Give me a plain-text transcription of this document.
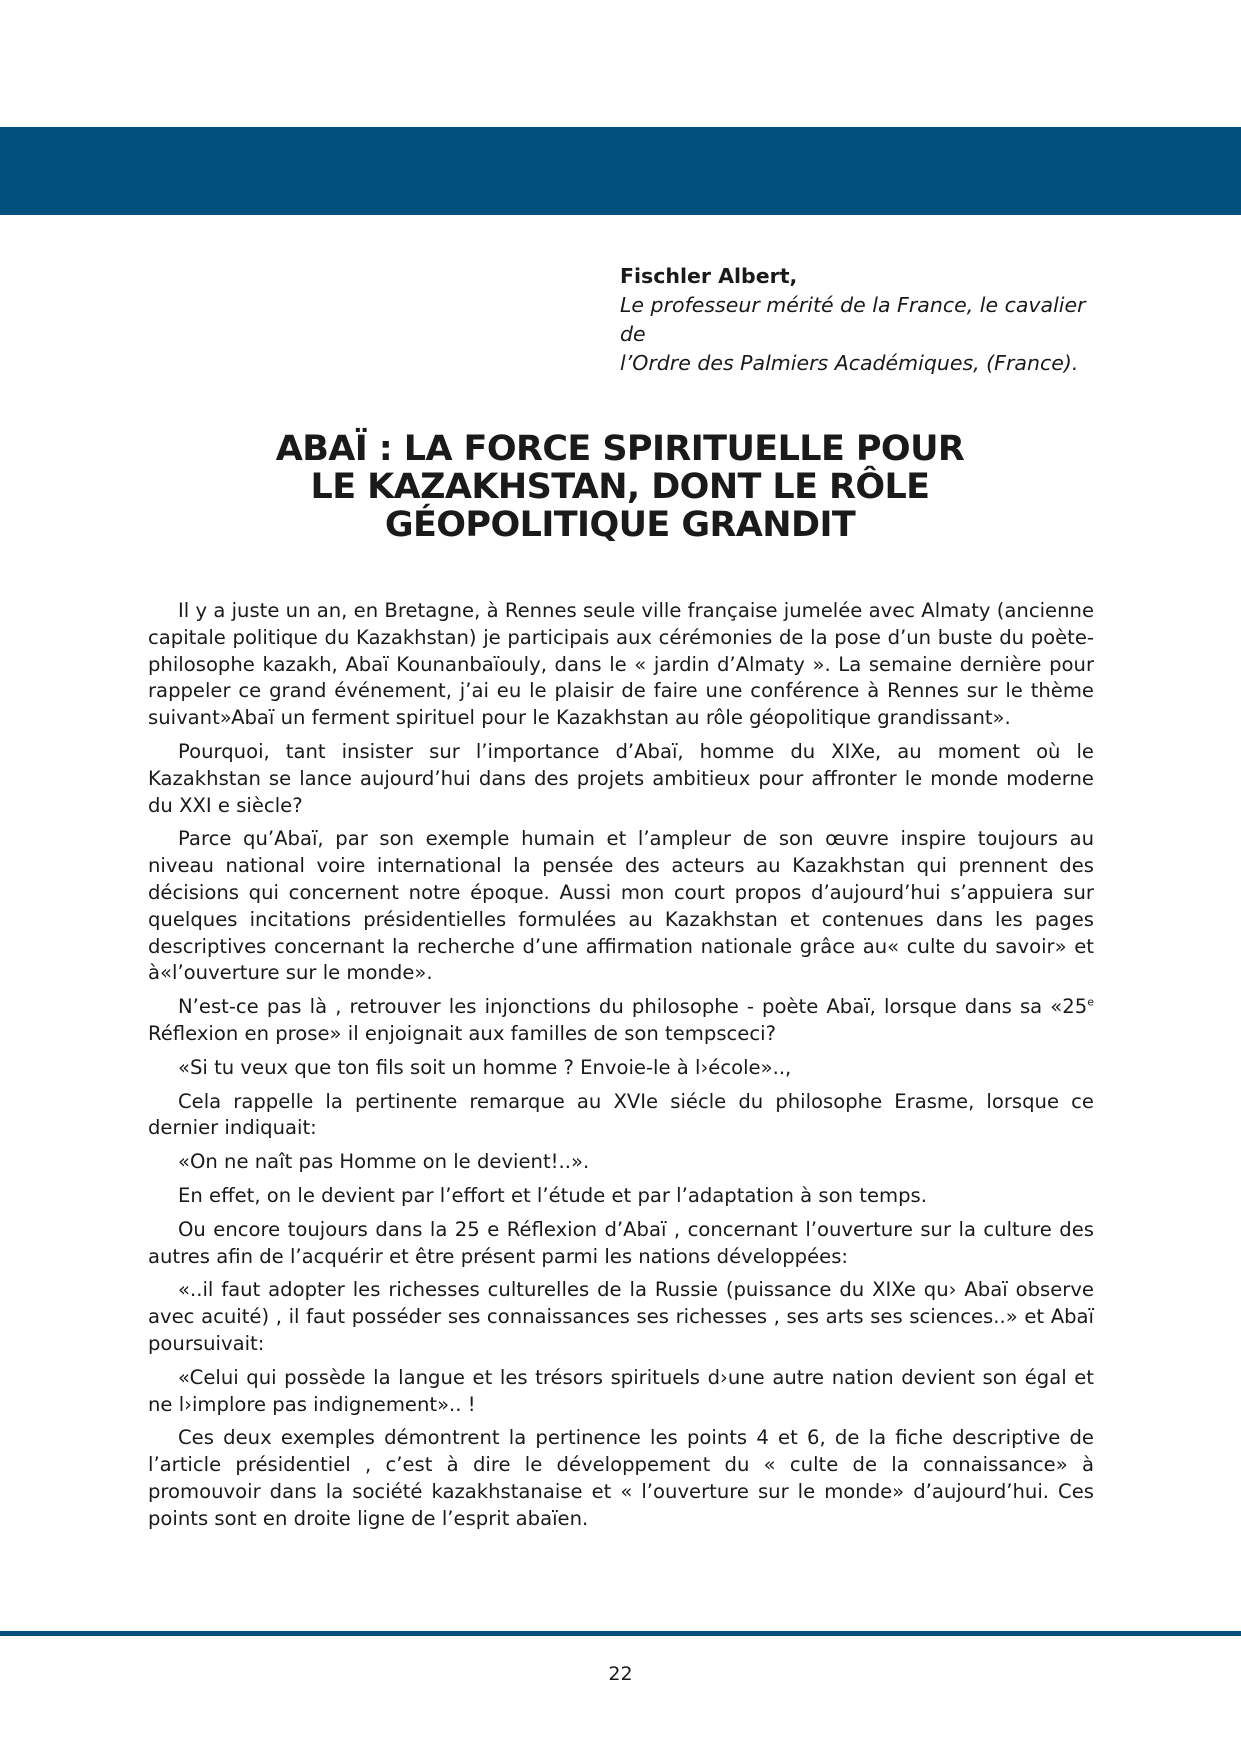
Fischler Albert,
Le professeur mérité de la France, le cavalier de
l’Ordre des Palmiers Académiques, (France).
ABAЇ : LA FORCE SPIRITUELLE POUR
LE KAZAKHSTAN, DONT LE RÔLE
GÉOPOLITIQUE GRANDIT

Il y a juste un an, en Bretagne, à Rennes seule ville française jumelée avec Almaty (ancienne capitale politique du Kazakhstan) je participais aux cérémonies de la pose d’un buste du poète-philosophe kazakh, Abaï Kounanbaïouly, dans le « jardin d’Almaty ». La semaine dernière pour rappeler ce grand événement, j’ai eu le plaisir de faire une conférence à Rennes sur le thème suivant»Abaï un ferment spirituel pour le Kazakhstan au rôle géopolitique grandissant».

Pourquoi, tant insister sur l’importance d’Abaï, homme du XIXe, au moment où le Kazakhstan se lance aujourd’hui dans des projets ambitieux pour affronter le monde moderne du XXI e siècle?

Parce qu’Abaï, par son exemple humain et l’ampleur de son œuvre inspire toujours au niveau national voire international la pensée des acteurs au Kazakhstan qui prennent des décisions qui concernent notre époque. Aussi mon court propos d’aujourd’hui s’appuiera sur quelques incitations présidentielles formulées au Kazakhstan et contenues dans les pages descriptives concernant la recherche d’une affirmation nationale grâce au« culte du savoir» et à«l’ouverture sur le monde».

N’est-ce pas là , retrouver les injonctions du philosophe - poète Abaï, lorsque dans sa «25e Réflexion en prose» il enjoignait aux familles de son tempsceci?

«Si tu veux que ton fils soit un homme ? Envoie-le à l›école»..,

Cela rappelle la pertinente remarque au XVIe siécle du philosophe Erasme, lorsque ce dernier indiquait:

«On ne naît pas Homme on le devient!..».

En effet, on le devient par l’effort et l’étude et par l’adaptation à son temps.

Ou encore toujours dans la 25 e Réflexion d’Abaï , concernant l’ouverture sur la culture des autres afin de l’acquérir et être présent parmi les nations développées:

«..il faut adopter les richesses culturelles de la Russie (puissance du XIXe qu› Abaï observe avec acuité) , il faut posséder ses connaissances ses richesses , ses arts ses sciences..» et Abaï poursuivait:

«Celui qui possède la langue et les trésors spirituels d›une autre nation devient son égal et ne l›implore pas indignement».. !

Ces deux exemples démontrent la pertinence les points 4 et 6, de la fiche descriptive de l’article présidentiel , c’est à dire le développement du « culte de la connaissance» à promouvoir dans la société kazakhstanaise et « l’ouverture sur le monde» d’aujourd’hui. Ces points sont en droite ligne de l’esprit abaïen.

22
